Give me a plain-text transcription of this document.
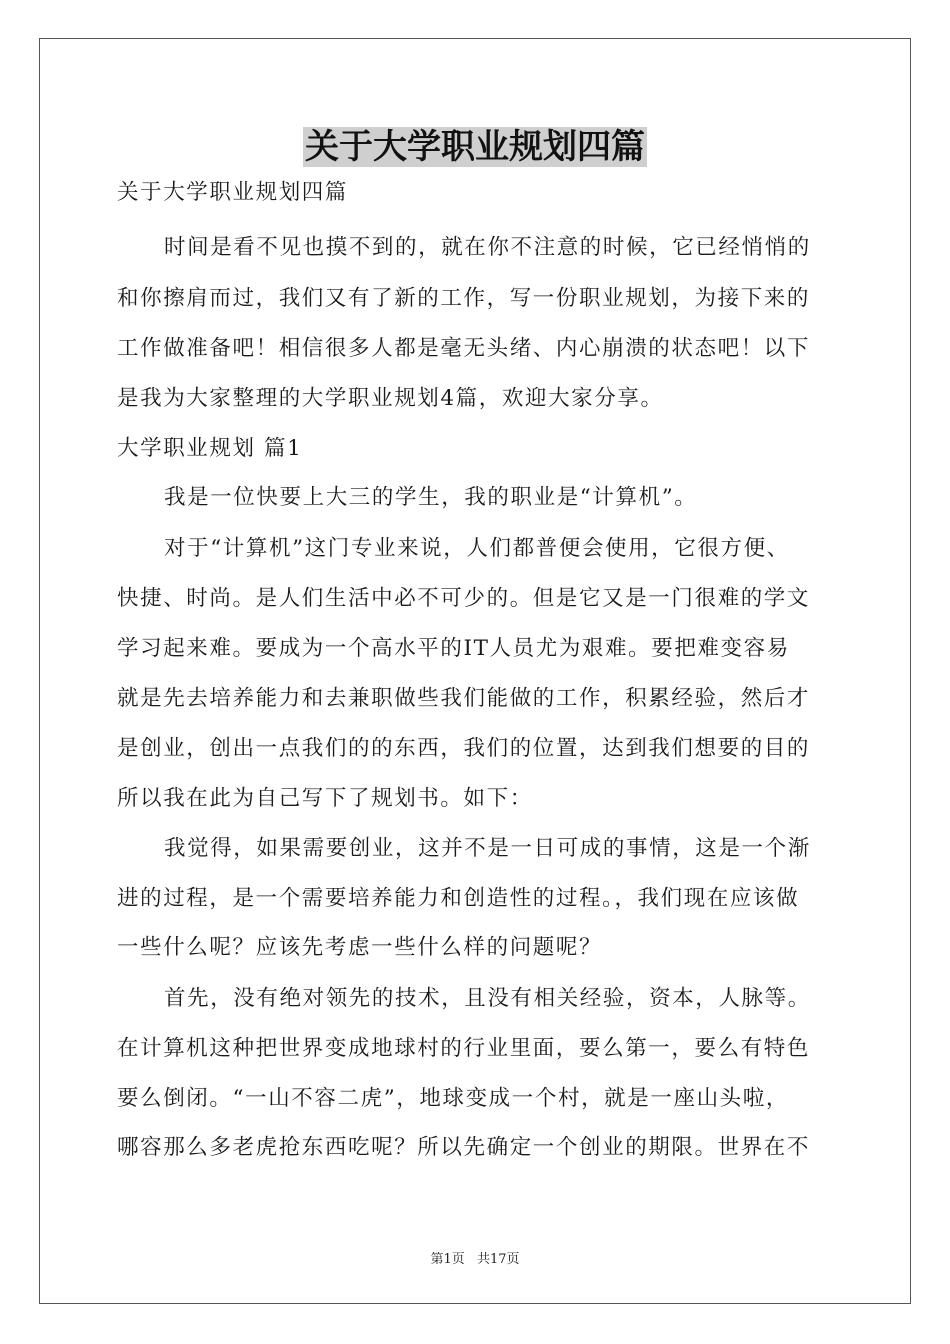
关于大学职业规划四篇
关于大学职业规划四篇
时间是看不见也摸不到的，就在你不注意的时候，它已经悄悄的
和你擦肩而过，我们又有了新的工作，写一份职业规划，为接下来的
工作做准备吧！相信很多人都是毫无头绪、内心崩溃的状态吧！以下
是我为大家整理的大学职业规划4篇，欢迎大家分享。
大学职业规划 篇1
我是一位快要上大三的学生，我的职业是“计算机”。
对于“计算机”这门专业来说，人们都普便会使用，它很方便、
快捷、时尚。是人们生活中必不可少的。但是它又是一门很难的学文
学习起来难。要成为一个高水平的IT人员尤为艰难。要把难变容易
就是先去培养能力和去兼职做些我们能做的工作，积累经验，然后才
是创业，创出一点我们的的东西，我们的位置，达到我们想要的目的
所以我在此为自己写下了规划书。如下：
我觉得，如果需要创业，这并不是一日可成的事情，这是一个渐
进的过程，是一个需要培养能力和创造性的过程。，我们现在应该做
一些什么呢？应该先考虑一些什么样的问题呢？
首先，没有绝对领先的技术，且没有相关经验，资本，人脉等。
在计算机这种把世界变成地球村的行业里面，要么第一，要么有特色
要么倒闭。“一山不容二虎”，地球变成一个村，就是一座山头啦，
哪容那么多老虎抢东西吃呢？所以先确定一个创业的期限。世界在不
第1页 共17页
